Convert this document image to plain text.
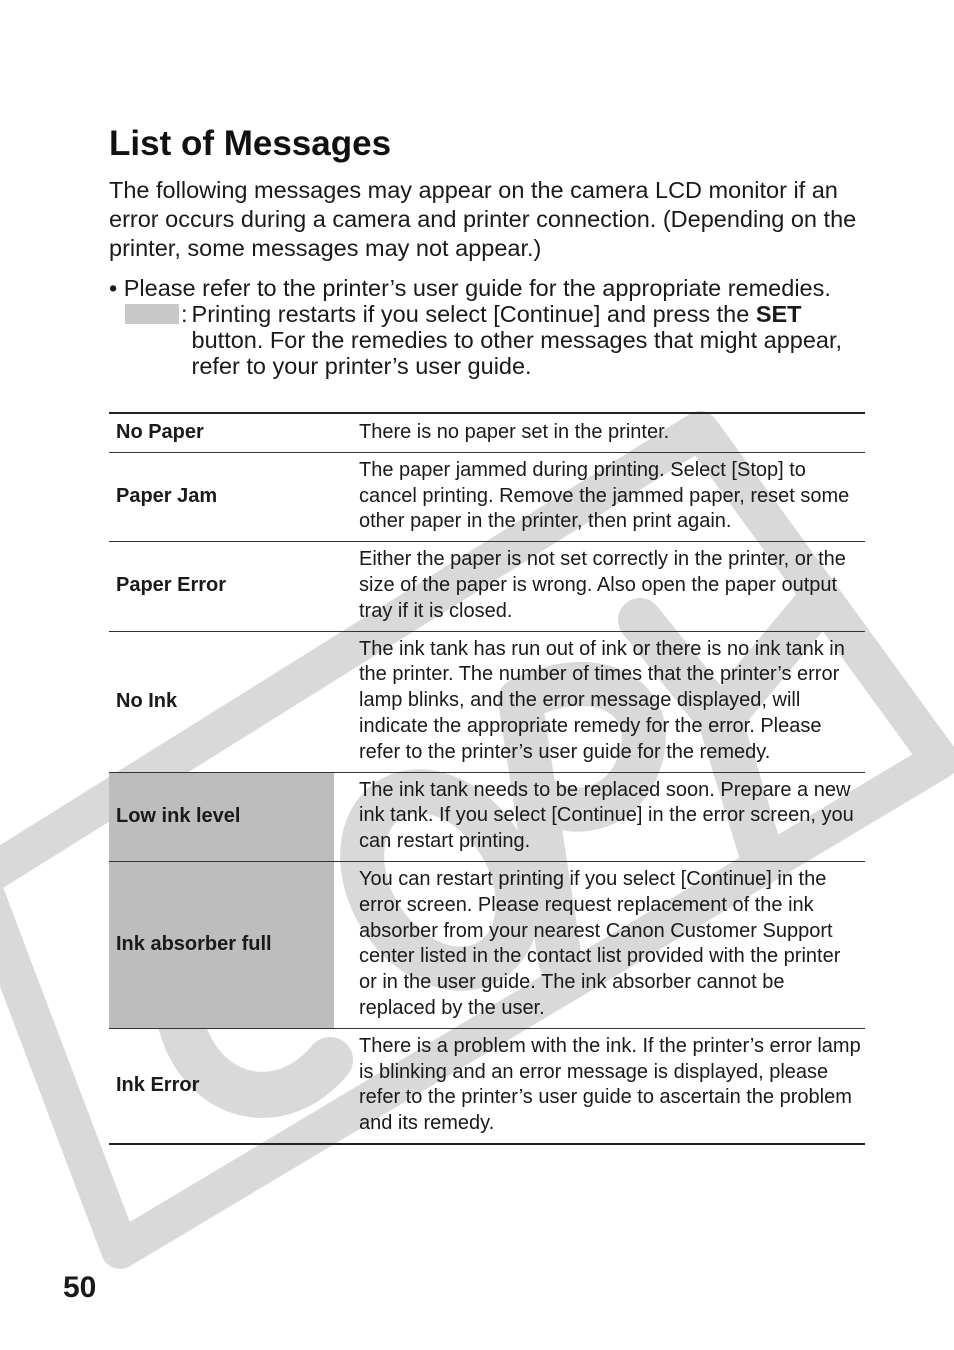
List of Messages

The following messages may appear on the camera LCD monitor if an error occurs during a camera and printer connection. (Depending on the printer, some messages may not appear.)

• Please refer to the printer’s user guide for the appropriate remedies.
: Printing restarts if you select [Continue] and press the SET button. For the remedies to other messages that might appear, refer to your printer’s user guide.
No Paper	There is no paper set in the printer.
Paper Jam	The paper jammed during printing. Select [Stop] to cancel printing. Remove the jammed paper, reset some other paper in the printer, then print again.
Paper Error	Either the paper is not set correctly in the printer, or the size of the paper is wrong. Also open the paper output tray if it is closed.
No Ink	The ink tank has run out of ink or there is no ink tank in the printer. The number of times that the printer’s error lamp blinks, and the error message displayed, will indicate the appropriate remedy for the error. Please refer to the printer’s user guide for the remedy.
Low ink level	The ink tank needs to be replaced soon. Prepare a new ink tank. If you select [Continue] in the error screen, you can restart printing.
Ink absorber full	You can restart printing if you select [Continue] in the error screen. Please request replacement of the ink absorber from your nearest Canon Customer Support center listed in the contact list provided with the printer or in the user guide. The ink absorber cannot be replaced by the user.
Ink Error	There is a problem with the ink. If the printer’s error lamp is blinking and an error message is displayed, please refer to the printer’s user guide to ascertain the problem and its remedy.
50
